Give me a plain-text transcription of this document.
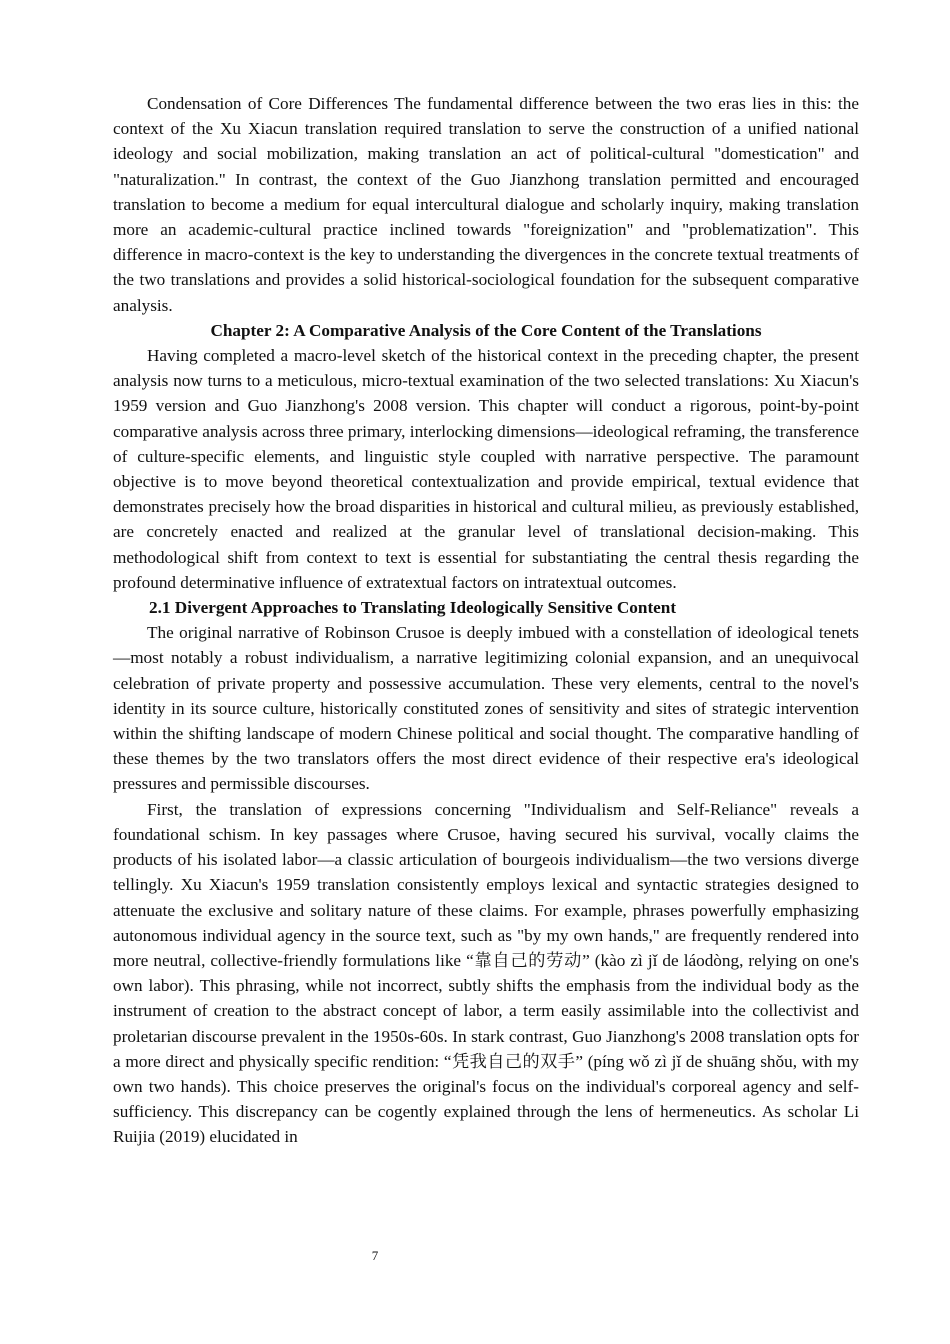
Condensation of Core Differences The fundamental difference between the two eras lies in this: the context of the Xu Xiacun translation required translation to serve the construction of a unified national ideology and social mobilization, making translation an act of political-cultural "domestication" and "naturalization." In contrast, the context of the Guo Jianzhong translation permitted and encouraged translation to become a medium for equal intercultural dialogue and scholarly inquiry, making translation more an academic-cultural practice inclined towards "foreignization" and "problematization". This difference in macro-context is the key to understanding the divergences in the concrete textual treatments of the two translations and provides a solid historical-sociological foundation for the subsequent comparative analysis.

Chapter 2: A Comparative Analysis of the Core Content of the Translations

Having completed a macro-level sketch of the historical context in the preceding chapter, the present analysis now turns to a meticulous, micro-textual examination of the two selected translations: Xu Xiacun's 1959 version and Guo Jianzhong's 2008 version. This chapter will conduct a rigorous, point-by-point comparative analysis across three primary, interlocking dimensions—ideological reframing, the transference of culture-specific elements, and linguistic style coupled with narrative perspective. The paramount objective is to move beyond theoretical contextualization and provide empirical, textual evidence that demonstrates precisely how the broad disparities in historical and cultural milieu, as previously established, are concretely enacted and realized at the granular level of translational decision-making. This methodological shift from context to text is essential for substantiating the central thesis regarding the profound determinative influence of extratextual factors on intratextual outcomes.

2.1 Divergent Approaches to Translating Ideologically Sensitive Content

The original narrative of Robinson Crusoe is deeply imbued with a constellation of ideological tenets—most notably a robust individualism, a narrative legitimizing colonial expansion, and an unequivocal celebration of private property and possessive accumulation. These very elements, central to the novel's identity in its source culture, historically constituted zones of sensitivity and sites of strategic intervention within the shifting landscape of modern Chinese political and social thought. The comparative handling of these themes by the two translators offers the most direct evidence of their respective era's ideological pressures and permissible discourses.

First, the translation of expressions concerning "Individualism and Self-Reliance" reveals a foundational schism. In key passages where Crusoe, having secured his survival, vocally claims the products of his isolated labor—a classic articulation of bourgeois individualism—the two versions diverge tellingly. Xu Xiacun's 1959 translation consistently employs lexical and syntactic strategies designed to attenuate the exclusive and solitary nature of these claims. For example, phrases powerfully emphasizing autonomous individual agency in the source text, such as "by my own hands," are frequently rendered into more neutral, collective-friendly formulations like “靠自己的劳动” (kào zì jǐ de láodòng, relying on one's own labor). This phrasing, while not incorrect, subtly shifts the emphasis from the individual body as the instrument of creation to the abstract concept of labor, a term easily assimilable into the collectivist and proletarian discourse prevalent in the 1950s-60s. In stark contrast, Guo Jianzhong's 2008 translation opts for a more direct and physically specific rendition: “凭我自己的双手” (píng wǒ zì jǐ de shuāng shǒu, with my own two hands). This choice preserves the original's focus on the individual's corporeal agency and self-sufficiency. This discrepancy can be cogently explained through the lens of hermeneutics. As scholar Li Ruijia (2019) elucidated in

7
